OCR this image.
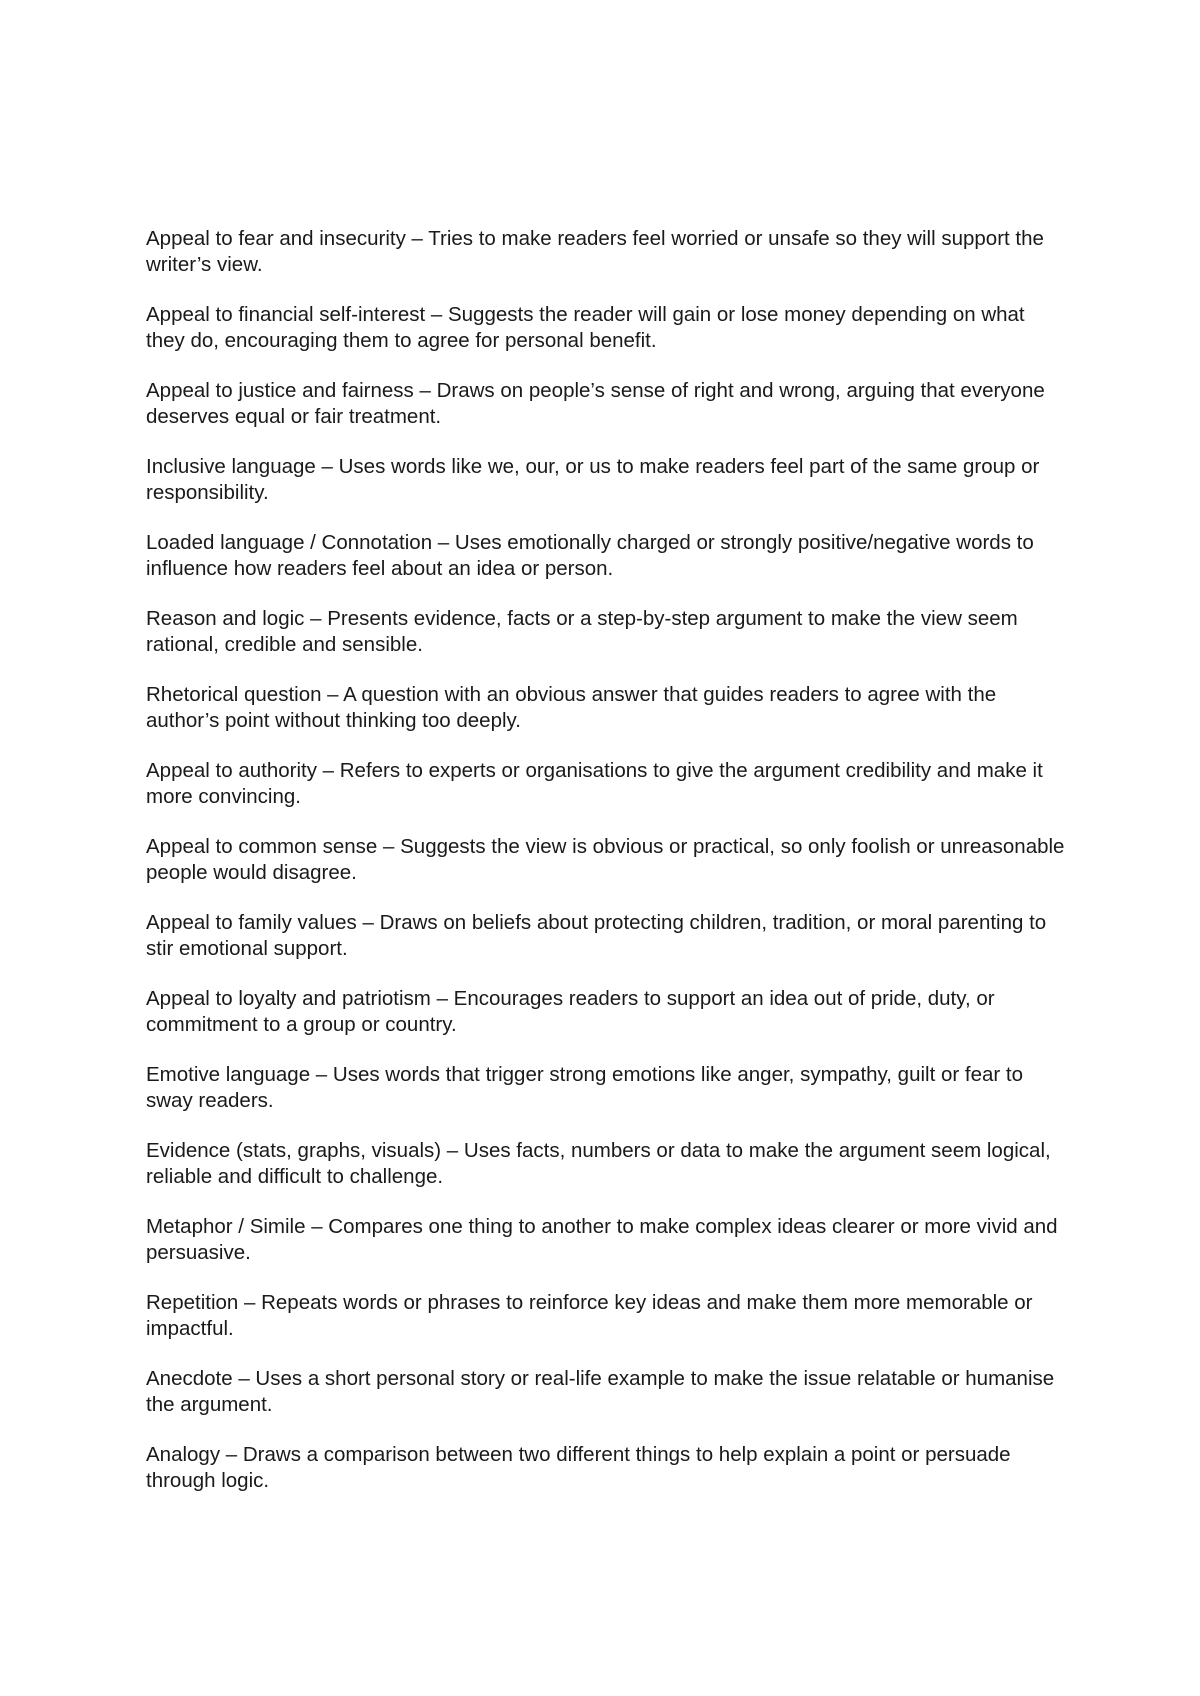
Appeal to fear and insecurity – Tries to make readers feel worried or unsafe so they will support the writer’s view.

Appeal to financial self-interest – Suggests the reader will gain or lose money depending on what they do, encouraging them to agree for personal benefit.

Appeal to justice and fairness – Draws on people’s sense of right and wrong, arguing that everyone deserves equal or fair treatment.

Inclusive language – Uses words like we, our, or us to make readers feel part of the same group or responsibility.

Loaded language / Connotation – Uses emotionally charged or strongly positive/negative words to influence how readers feel about an idea or person.

Reason and logic – Presents evidence, facts or a step-by-step argument to make the view seem rational, credible and sensible.

Rhetorical question – A question with an obvious answer that guides readers to agree with the author’s point without thinking too deeply.

Appeal to authority – Refers to experts or organisations to give the argument credibility and make it more convincing.

Appeal to common sense – Suggests the view is obvious or practical, so only foolish or unreasonable people would disagree.

Appeal to family values – Draws on beliefs about protecting children, tradition, or moral parenting to stir emotional support.

Appeal to loyalty and patriotism – Encourages readers to support an idea out of pride, duty, or commitment to a group or country.

Emotive language – Uses words that trigger strong emotions like anger, sympathy, guilt or fear to sway readers.

Evidence (stats, graphs, visuals) – Uses facts, numbers or data to make the argument seem logical, reliable and difficult to challenge.

Metaphor / Simile – Compares one thing to another to make complex ideas clearer or more vivid and persuasive.

Repetition – Repeats words or phrases to reinforce key ideas and make them more memorable or impactful.

Anecdote – Uses a short personal story or real-life example to make the issue relatable or humanise the argument.

Analogy – Draws a comparison between two different things to help explain a point or persuade through logic.
